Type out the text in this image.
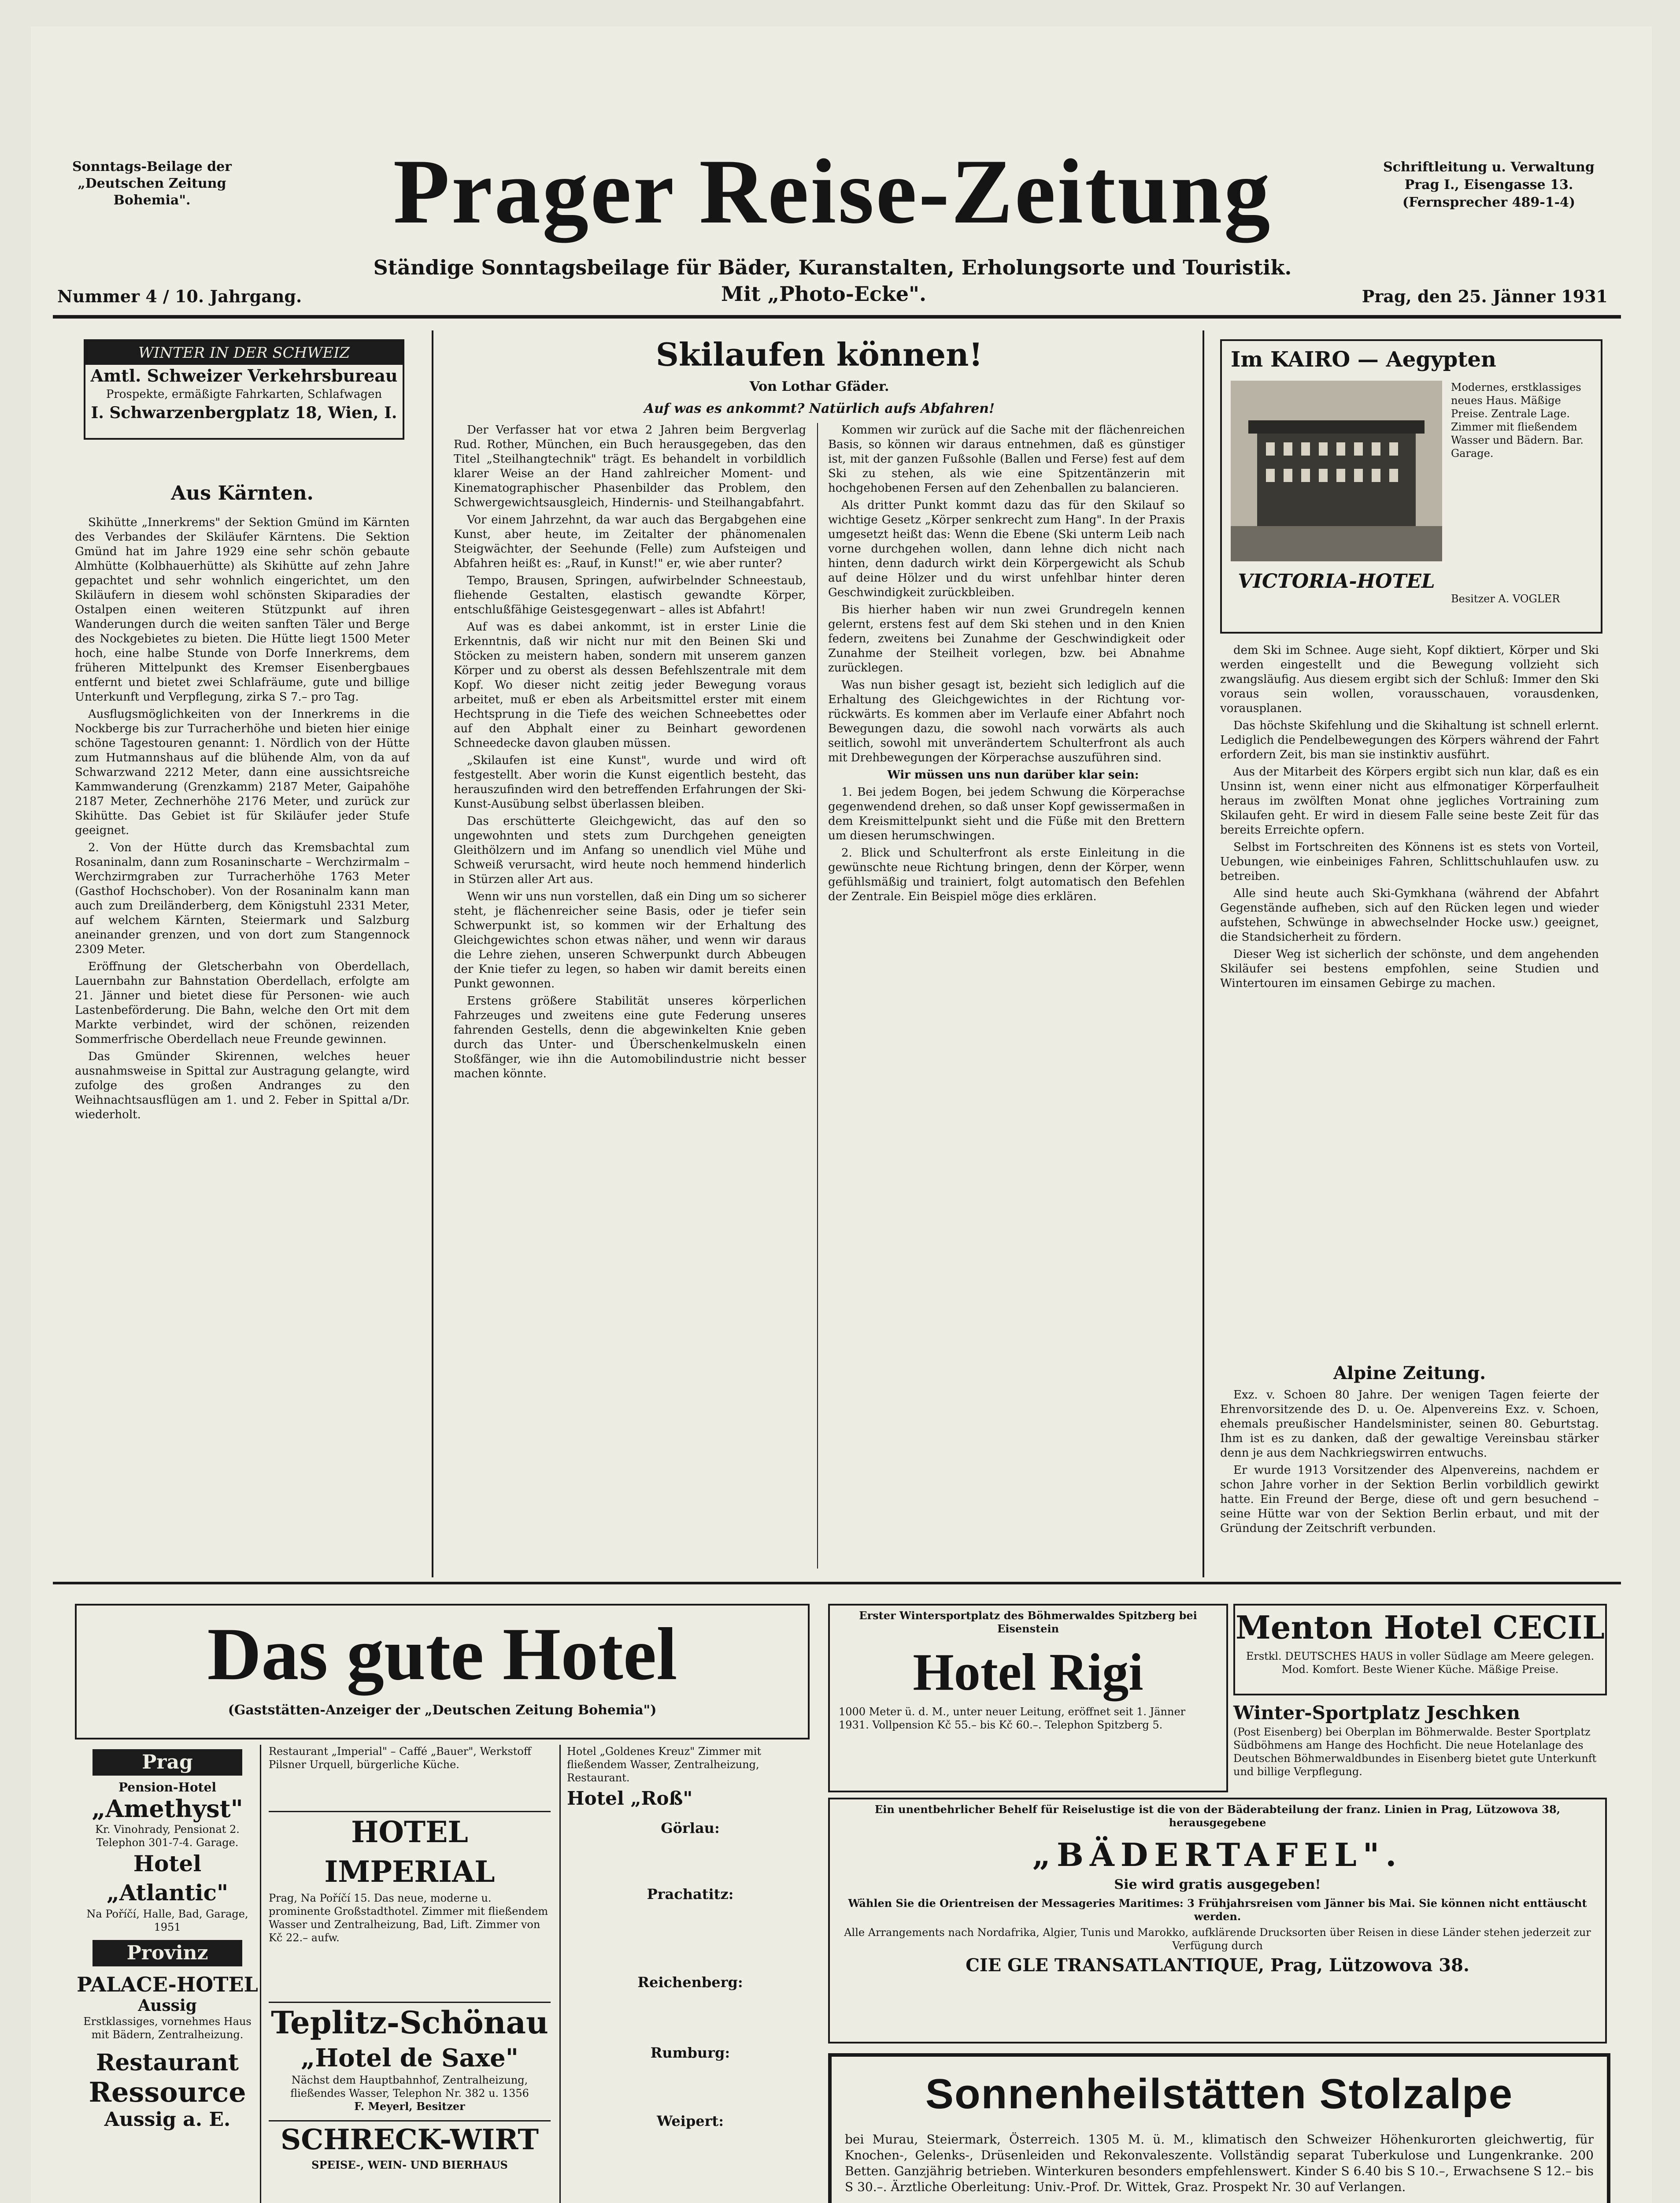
Sonntags-Beilage der „Deutschen Zeitung Bohemia".	Prager Reise-Zeitung	Schriftleitung u. Verwaltung Prag I., Eisengasse 13. (Fernsprecher 489-1-4)
Ständige Sonntagsbeilage für Bäder, Kuranstalten, Erholungsorte und Touristik.
Mit „Photo-Ecke".
Nummer 4 / 10. Jahrgang.	Prag, den 25. Jänner 1931
WINTER IN DER SCHWEIZ
Amtl. Schweizer Verkehrsbureau
Prospekte, ermäßigte Fahrkarten, Schlafwagen
I. Schwarzenbergplatz 18, Wien, I.
Aus Kärnten.

Skihütte „Innerkrems" der Sektion Gmünd im Kärnten des Verbandes der Skiläufer Kärntens. Die Sektion Gmünd hat im Jahre 1929 eine sehr schön gebaute Almhütte (Kolbhauerhütte) als Skihütte auf zehn Jahre gepachtet und sehr wohnlich eingerichtet, um den Skiläufern in diesem wohl schönsten Skiparadies der Ostalpen einen weiteren Stützpunkt auf ihren Wanderungen durch die weiten sanften Täler und Berge des Nockgebietes zu bieten. Die Hütte liegt 1500 Meter hoch, eine halbe Stunde von Dorfe Innerkrems, dem früheren Mittelpunkt des Kremser Eisenbergbaues entfernt und bietet zwei Schlafräume, gute und billige Unterkunft und Verpflegung, zirka S 7.– pro Tag.

Ausflugsmöglichkeiten von der Innerkrems in die Nockberge bis zur Turracherhöhe und bieten hier einige schöne Tagestouren genannt: 1. Nördlich von der Hütte zum Hutmannshaus auf die blühende Alm, von da auf Schwarzwand 2212 Meter, dann eine aussichtsreiche Kammwanderung (Grenzkamm) 2187 Meter, Gaipahöhe 2187 Meter, Zechnerhöhe 2176 Meter, und zurück zur Skihütte. Das Gebiet ist für Skiläufer jeder Stufe geeignet.

2. Von der Hütte durch das Kremsbachtal zum Rosaninalm, dann zum Rosaninscharte – Werchzirmalm – Werchzirmgraben zur Turracherhöhe 1763 Meter (Gasthof Hochschober). Von der Rosaninalm kann man auch zum Dreiländerberg, dem Königstuhl 2331 Meter, auf welchem Kärnten, Steiermark und Salzburg aneinander grenzen, und von dort zum Stangennock 2309 Meter.

Eröffnung der Gletscherbahn von Oberdellach, Lauernbahn zur Bahnstation Oberdellach, erfolgte am 21. Jänner und bietet diese für Personen- wie auch Lastenbeförderung. Die Bahn, welche den Ort mit dem Markte verbindet, wird der schönen, reizenden Sommerfrische Oberdellach neue Freunde gewinnen.

Das Gmünder Skirennen, welches heuer ausnahmsweise in Spittal zur Austragung gelangte, wird zufolge des großen Andranges zu den Weihnachtsausflügen am 1. und 2. Feber in Spittal a/Dr. wiederholt.

Skilaufen können!
Von Lothar Gfäder.
Auf was es ankommt? Natürlich aufs Abfahren!

Der Verfasser hat vor etwa 2 Jahren beim Bergverlag Rud. Rother, München, ein Buch herausgegeben, das den Titel „Steilhangtechnik" trägt. Es behandelt in vorbildlich klarer Weise an der Hand zahlreicher Moment- und Kinematographischer Phasenbilder das Problem, den Schwergewichtsausgleich, Hindernis- und Steilhangabfahrt.

Vor einem Jahrzehnt, da war auch das Bergabgehen eine Kunst, aber heute, im Zeitalter der phänomenalen Steigwächter, der Seehunde (Felle) zum Aufsteigen und Abfahren heißt es: „Rauf, in Kunst!" er, wie aber runter?

Tempo, Brausen, Springen, aufwirbelnder Schneestaub, fliehende Gestalten, elastisch gewandte Körper, entschlußfähige Geistesgegenwart – alles ist Abfahrt!

Auf was es dabei ankommt, ist in erster Linie die Erkenntnis, daß wir nicht nur mit den Beinen Ski und Stöcken zu meistern haben, sondern mit unserem ganzen Körper und zu oberst als dessen Befehlszentrale mit dem Kopf. Wo dieser nicht zeitig jeder Bewegung voraus arbeitet, muß er eben als Arbeitsmittel erster mit einem Hechtsprung in die Tiefe des weichen Schneebettes oder auf den Abphalt einer zu Beinhart gewordenen Schneedecke davon glauben müssen.

„Skilaufen ist eine Kunst", wurde und wird oft festgestellt. Aber worin die Kunst eigentlich besteht, das herauszufinden wird den betreffenden Erfahrungen der Ski-Kunst-Ausübung selbst überlassen bleiben.

Das erschütterte Gleichgewicht, das auf den so ungewohnten und stets zum Durchgehen geneigten Gleithölzern und im Anfang so unendlich viel Mühe und Schweiß verursacht, wird heute noch hemmend hinderlich in Stürzen aller Art aus.

Wenn wir uns nun vorstellen, daß ein Ding um so sicherer steht, je flächenreicher seine Basis, oder je tiefer sein Schwerpunkt ist, so kommen wir der Erhaltung des Gleichgewichtes schon etwas näher, und wenn wir daraus die Lehre ziehen, unseren Schwerpunkt durch Abbeugen der Knie tiefer zu legen, so haben wir damit bereits einen Punkt gewonnen.

Erstens größere Stabilität unseres körperlichen Fahrzeuges und zweitens eine gute Federung unseres fahrenden Gestells, denn die abgewinkelten Knie geben durch das Unter- und Überschenkelmuskeln einen Stoßfänger, wie ihn die Automobilindustrie nicht besser machen könnte.

Kommen wir zurück auf die Sache mit der flächenreichen Basis, so können wir daraus entnehmen, daß es günstiger ist, mit der ganzen Fußsohle (Ballen und Ferse) fest auf dem Ski zu stehen, als wie eine Spitzentänzerin mit hochgehobenen Fersen auf den Zehenballen zu balancieren.

Als dritter Punkt kommt dazu das für den Skilauf so wichtige Gesetz „Körper senkrecht zum Hang". In der Praxis umgesetzt heißt das: Wenn die Ebene (Ski unterm Leib nach vorne durchgehen wollen, dann lehne dich nicht nach hinten, denn dadurch wirkt dein Körpergewicht als Schub auf deine Hölzer und du wirst unfehlbar hinter deren Geschwindigkeit zurückbleiben.

Bis hierher haben wir nun zwei Grundregeln kennen gelernt, erstens fest auf dem Ski stehen und in den Knien federn, zweitens bei Zunahme der Geschwindigkeit oder Zunahme der Steilheit vorlegen, bzw. bei Abnahme zurücklegen.

Was nun bisher gesagt ist, bezieht sich lediglich auf die Erhaltung des Gleichgewichtes in der Richtung vor- rückwärts. Es kommen aber im Verlaufe einer Abfahrt noch Bewegungen dazu, die sowohl nach vorwärts als auch seitlich, sowohl mit unverändertem Schulterfront als auch mit Drehbewegungen der Körperachse auszuführen sind.

Wir müssen uns nun darüber klar sein:

1. Bei jedem Bogen, bei jedem Schwung die Körperachse gegenwendend drehen, so daß unser Kopf gewissermaßen in dem Kreismittelpunkt sieht und die Füße mit den Brettern um diesen herumschwingen.

2. Blick und Schulterfront als erste Einleitung in die gewünschte neue Richtung bringen, denn der Körper, wenn gefühlsmäßig und trainiert, folgt automatisch den Befehlen der Zentrale. Ein Beispiel möge dies erklären.

Im KAIRO — Aegypten
Modernes, erstklassiges neues Haus. Mäßige Preise. Zentrale Lage. Zimmer mit fließendem Wasser und Bädern. Bar. Garage.
VICTORIA-HOTEL
Besitzer A. VOGLER

dem Ski im Schnee. Auge sieht, Kopf diktiert, Körper und Ski werden eingestellt und die Bewegung vollzieht sich zwangsläufig. Aus diesem ergibt sich der Schluß: Immer den Ski voraus sein wollen, vorausschauen, vorausdenken, vorausplanen.

Das höchste Skifehlung und die Skihaltung ist schnell erlernt. Lediglich die Pendelbewegungen des Körpers während der Fahrt erfordern Zeit, bis man sie instinktiv ausführt.

Aus der Mitarbeit des Körpers ergibt sich nun klar, daß es ein Unsinn ist, wenn einer nicht aus elfmonatiger Körperfaulheit heraus im zwölften Monat ohne jegliches Vortraining zum Skilaufen geht. Er wird in diesem Falle seine beste Zeit für das bereits Erreichte opfern.

Selbst im Fortschreiten des Könnens ist es stets von Vorteil, Uebungen, wie einbeiniges Fahren, Schlittschuhlaufen usw. zu betreiben.

Alle sind heute auch Ski-Gymkhana (während der Abfahrt Gegenstände aufheben, sich auf den Rücken legen und wieder aufstehen, Schwünge in abwechselnder Hocke usw.) geeignet, die Standsicherheit zu fördern.

Dieser Weg ist sicherlich der schönste, und dem angehenden Skiläufer sei bestens empfohlen, seine Studien und Wintertouren im einsamen Gebirge zu machen.

Alpine Zeitung.

Exz. v. Schoen 80 Jahre. Der wenigen Tagen feierte der Ehrenvorsitzende des D. u. Oe. Alpenvereins Exz. v. Schoen, ehemals preußischer Handelsminister, seinen 80. Geburtstag. Ihm ist es zu danken, daß der gewaltige Vereinsbau stärker denn je aus dem Nachkriegswirren entwuchs.

Er wurde 1913 Vorsitzender des Alpenvereins, nachdem er schon Jahre vorher in der Sektion Berlin vorbildlich gewirkt hatte. Ein Freund der Berge, diese oft und gern besuchend – seine Hütte war von der Sektion Berlin erbaut, und mit der Gründung der Zeitschrift verbunden.

Das gute Hotel
(Gaststätten-Anzeiger der „Deutschen Zeitung Bohemia")
Prag
Pension-Hotel
„Amethyst"
Kr. Vinohrady, Pensionat 2. Telephon 301-7-4. Garage.
Hotel „Atlantic"
Na Poříčí, Halle, Bad, Garage, 1951
Provinz
PALACE-HOTEL
Aussig
Erstklassiges, vornehmes Haus mit Bädern, Zentralheizung.
Restaurant
Ressource
Aussig a. E.
Restaurant „Imperial" – Caffé „Bauer", Werkstoff Pilsner Urquell, bürgerliche Küche.
HOTEL IMPERIAL
Prag, Na Poříčí 15. Das neue, moderne u. prominente Großstadthotel. Zimmer mit fließendem Wasser und Zentralheizung, Bad, Lift. Zimmer von Kč 22.– aufw.
Teplitz-Schönau
„Hotel de Saxe"
Nächst dem Hauptbahnhof, Zentralheizung, fließendes Wasser, Telephon Nr. 382 u. 1356
F. Meyerl, Besitzer
SCHRECK-WIRT
SPEISE-, WEIN- UND BIERHAUS
Hotel „Goldenes Kreuz" Zimmer mit fließendem Wasser, Zentralheizung, Restaurant.
Hotel „Roß"
Görlau:
Prachatitz:
Reichenberg:
Rumburg:
Weipert:
Erster Wintersportplatz des Böhmerwaldes Spitzberg bei Eisenstein
Hotel Rigi
1000 Meter ü. d. M., unter neuer Leitung, eröffnet seit 1. Jänner 1931. Vollpension Kč 55.– bis Kč 60.–. Telephon Spitzberg 5.
Menton Hotel CECIL
Erstkl. DEUTSCHES HAUS in voller Südlage am Meere gelegen. Mod. Komfort. Beste Wiener Küche. Mäßige Preise.
Winter-Sportplatz Jeschken
(Post Eisenberg) bei Oberplan im Böhmerwalde. Bester Sportplatz Südböhmens am Hange des Hochficht. Die neue Hotelanlage des Deutschen Böhmerwaldbundes in Eisenberg bietet gute Unterkunft und billige Verpflegung.
Ein unentbehrlicher Behelf für Reiselustige ist die von der Bäderabteilung der franz. Linien in Prag, Lützowova 38, herausgegebene
„BÄDERTAFEL".
Sie wird gratis ausgegeben!
Wählen Sie die Orientreisen der Messageries Maritimes: 3 Frühjahrsreisen vom Jänner bis Mai. Sie können nicht enttäuscht werden.
Alle Arrangements nach Nordafrika, Algier, Tunis und Marokko, aufklärende Drucksorten über Reisen in diese Länder stehen jederzeit zur Verfügung durch
CIE GLE TRANSATLANTIQUE, Prag, Lützowova 38.
Sonnenheilstätten Stolzalpe
bei Murau, Steiermark, Österreich. 1305 M. ü. M., klimatisch den Schweizer Höhenkurorten gleichwertig, für Knochen-, Gelenks-, Drüsenleiden und Rekonvaleszente. Vollständig separat Tuberkulose und Lungenkranke. 200 Betten. Ganzjährig betrieben. Winterkuren besonders empfehlenswert. Kinder S 6.40 bis S 10.–, Erwachsene S 12.– bis S 30.–. Ärztliche Oberleitung: Univ.-Prof. Dr. Wittek, Graz. Prospekt Nr. 30 auf Verlangen.
